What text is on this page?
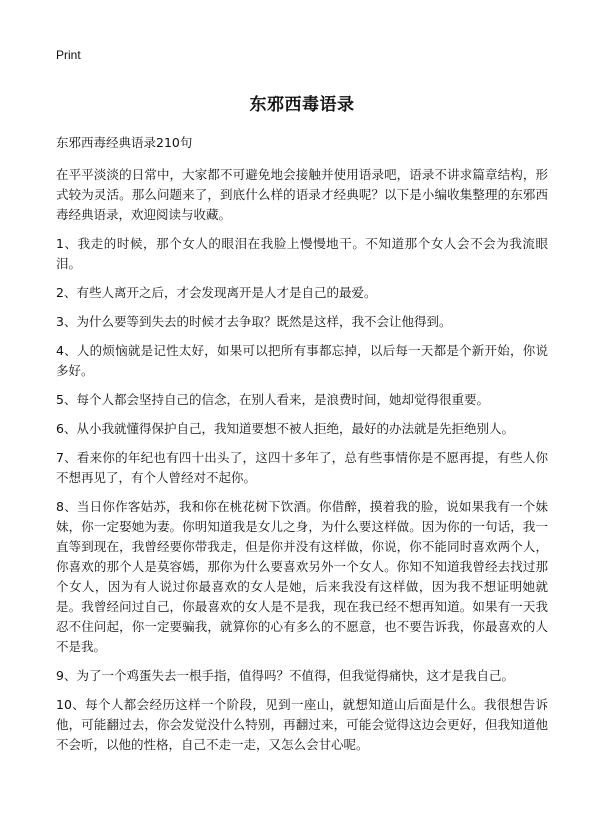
Print
东邪西毒语录
东邪西毒经典语录210句
在平平淡淡的日常中，大家都不可避免地会接触并使用语录吧，语录不讲求篇章结构，形式较为灵活。那么问题来了，到底什么样的语录才经典呢？以下是小编收集整理的东邪西毒经典语录，欢迎阅读与收藏。
1、我走的时候，那个女人的眼泪在我脸上慢慢地干。不知道那个女人会不会为我流眼泪。
2、有些人离开之后，才会发现离开是人才是自己的最爱。
3、为什么要等到失去的时候才去争取？既然是这样，我不会让他得到。
4、人的烦恼就是记性太好，如果可以把所有事都忘掉，以后每一天都是个新开始，你说多好。
5、每个人都会坚持自己的信念，在别人看来，是浪费时间，她却觉得很重要。
6、从小我就懂得保护自己，我知道要想不被人拒绝，最好的办法就是先拒绝别人。
7、看来你的年纪也有四十出头了，这四十多年了，总有些事情你是不愿再提，有些人你不想再见了，有个人曾经对不起你。
8、当日你作客姑苏，我和你在桃花树下饮酒。你借醉，摸着我的脸，说如果我有一个妹妹，你一定娶她为妻。你明知道我是女儿之身，为什么要这样做。因为你的一句话，我一直等到现在，我曾经要你带我走，但是你并没有这样做，你说，你不能同时喜欢两个人，你喜欢的那个人是莫容嫣，那你为什么要喜欢另外一个女人。你知不知道我曾经去找过那个女人，因为有人说过你最喜欢的女人是她，后来我没有这样做，因为我不想证明她就是。我曾经问过自己，你最喜欢的女人是不是我，现在我已经不想再知道。如果有一天我忍不住问起，你一定要骗我，就算你的心有多么的不愿意，也不要告诉我，你最喜欢的人不是我。
9、为了一个鸡蛋失去一根手指，值得吗？不值得，但我觉得痛快，这才是我自己。
10、每个人都会经历这样一个阶段，见到一座山，就想知道山后面是什么。我很想告诉他，可能翻过去，你会发觉没什么特别，再翻过来，可能会觉得这边会更好，但我知道他不会听，以他的性格，自己不走一走，又怎么会甘心呢。
